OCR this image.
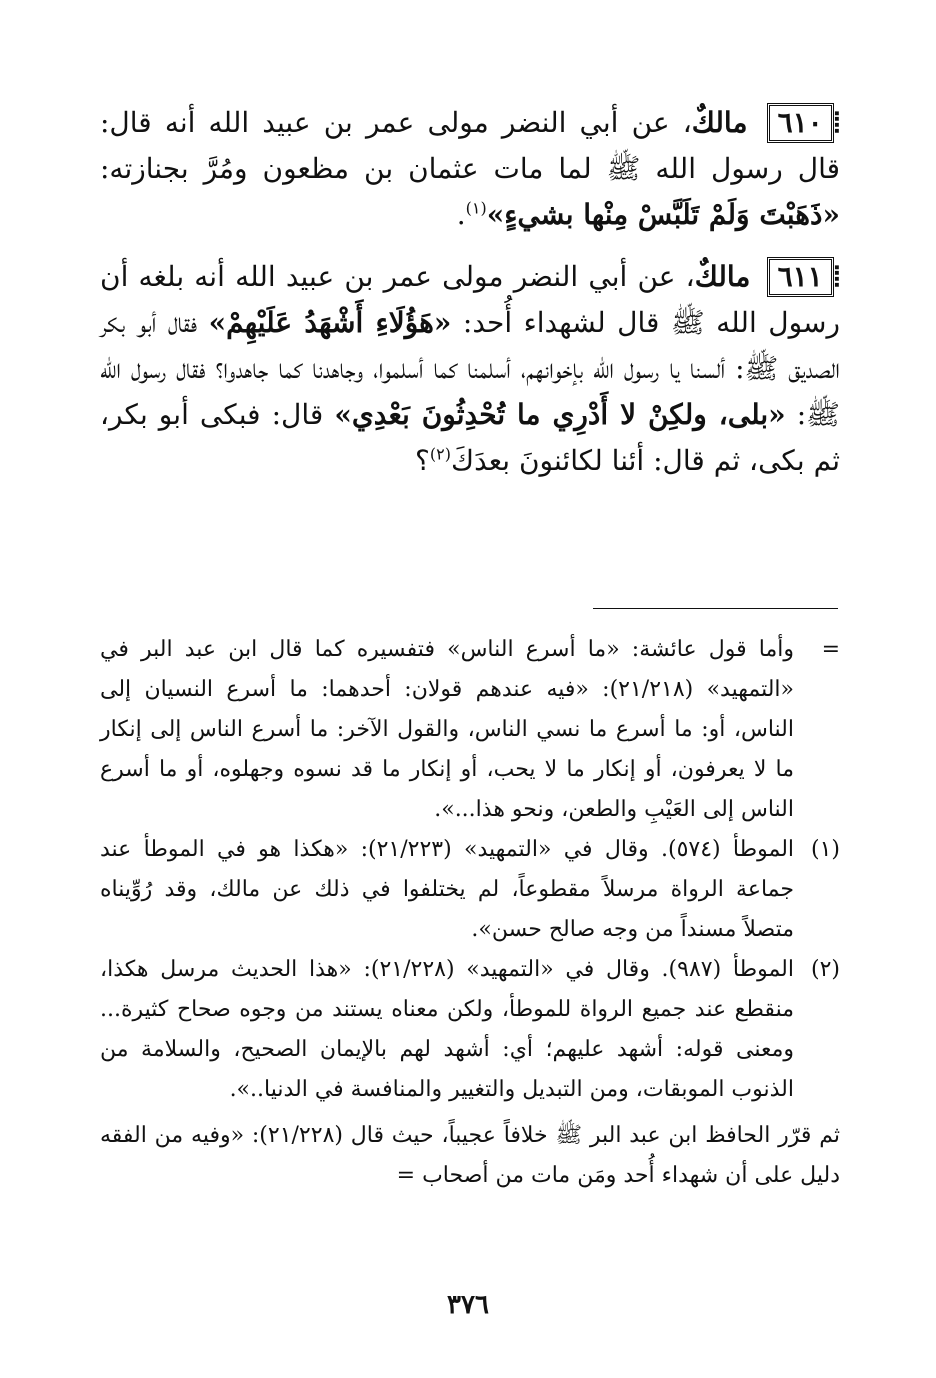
⦙٦١٠ مالكٌ، عن أبي النضر مولى عمر بن عبيد الله أنه قال: قال رسول الله ﷺ لما مات عثمان بن مظعون ومُرَّ بجنازته: «ذَهَبْتَ وَلَمْ تَلَبَّسْ مِنْها بشيءٍ»$^{(١)}$.

⦙٦١١ مالكٌ، عن أبي النضر مولى عمر بن عبيد الله أنه بلغه أن رسول الله ﷺ قال لشهداء أُحد: «هَؤُلَاءِ أَشْهَدُ عَلَيْهِمْ» فقال أبو بكر الصديق ﷺ: ألسنا يا رسول الله بإخوانهم، أسلمنا كما أسلموا، وجاهدنا كما جاهدوا؟ فقال رسول الله ﷺ: «بلى، ولكِنْ لا أَدْرِي ما تُحْدِثُونَ بَعْدِي» قال: فبكى أبو بكر، ثم بكى، ثم قال: أئنا لكائنونَ بعدَكَ$^{(٢)}$؟

=
وأما قول عائشة: «ما أسرع الناس» فتفسيره كما قال ابن عبد البر في «التمهيد» (٢١/٢١٨): «فيه عندهم قولان: أحدهما: ما أسرع النسيان إلى الناس، أو: ما أسرع ما نسي الناس، والقول الآخر: ما أسرع الناس إلى إنكار ما لا يعرفون، أو إنكار ما لا يحب، أو إنكار ما قد نسوه وجهلوه، أو ما أسرع الناس إلى العَيْبِ والطعن، ونحو هذا...».

(١)
الموطأ (٥٧٤). وقال في «التمهيد» (٢١/٢٢٣): «هكذا هو في الموطأ عند جماعة الرواة مرسلاً مقطوعاً، لم يختلفوا في ذلك عن مالك، وقد رُوِّيناه متصلاً مسنداً من وجه صالح حسن».

(٢)
الموطأ (٩٨٧). وقال في «التمهيد» (٢١/٢٢٨): «هذا الحديث مرسل هكذا، منقطع عند جميع الرواة للموطأ، ولكن معناه يستند من وجوه صحاح كثيرة... ومعنى قوله: أشهد عليهم؛ أي: أشهد لهم بالإيمان الصحيح، والسلامة من الذنوب الموبقات، ومن التبديل والتغيير والمنافسة في الدنيا..».

ثم قرّر الحافظ ابن عبد البر ﷺ خلافاً عجيباً، حيث قال (٢١/٢٢٨): «وفيه من الفقه دليل على أن شهداء أُحد ومَن مات من أصحاب =

٣٧٦
